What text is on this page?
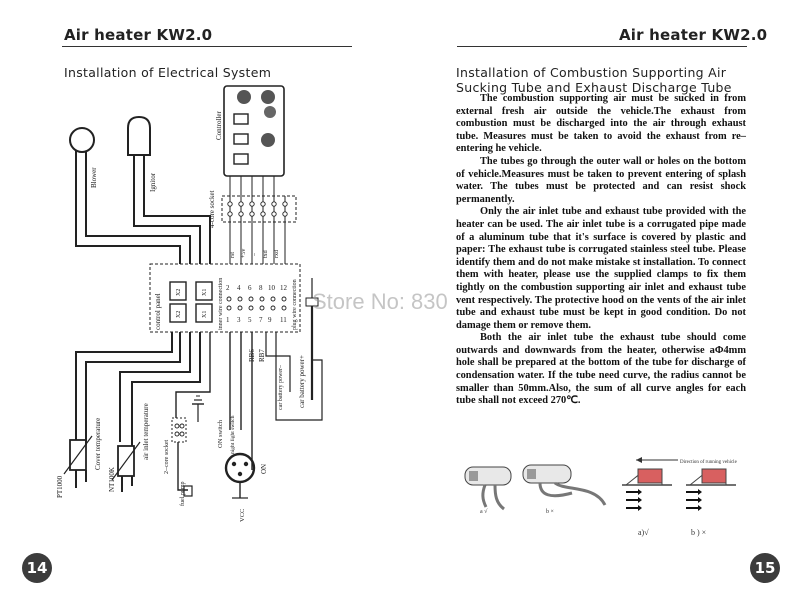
Air heater KW2.0
Installation of Electrical System
Blower	Ignitor
Controller
4-core socket
rst +5v – txd rxd
control panel
X2	X1
X2	X1 inner wire connection	plug wire connection
2 4 6 8 10 12
1 3 5 7 9 11
RB6 RB7
car battery power– car battery power+
PT1000
Cover temperature
NT100K
air inlet temperature 2--core socket
fuel pump
ON switch night light switch
ON
VCC
14
Air heater KW2.0
Installation of Combustion Supporting Air
Sucking Tube and Exhaust Discharge Tube

The combustion supporting air must be sucked in from external fresh air outside the vehicle.The exhaust from combustion must be discharged into the air through exhaust tube. Measures must be taken to avoid the exhaust from re–entering he vehicle.

The tubes go through the outer wall or holes on the bottom of vehicle.Measures must be taken to prevent entering of splash water. The tubes must be protected and can resist shock permanently.

Only the air inlet tube and exhaust tube provided with the heater can be used. The air inlet tube is a corrugated pipe made of a aluminum tube that it's surface is covered by plastic and paper: The exhaust tube is corrugated stainless steel tube. Please identify them and do not make mistake st installation. To connect them with heater, please use the supplied clamps to fix them tightly on the combustion supporting air inlet and exhaust tube vent respectively. The protective hood on the vents of the air inlet tube and exhaust tube must be kept in good condition. Do not damage them or remove them.

Both the air inlet tube the exhaust tube should come outwards and downwards from the heater, otherwise aΦ4mm hole shall be prepared at the bottom of the tube for discharge of condensation water. If the tube need curve, the radius cannot be smaller than 50mm.Also, the sum of all curve angles for each tube shall not exceed 270℃.

a √	b ×
Direction of running vehicle
a)√	b ) ×
15
Store No: 830
